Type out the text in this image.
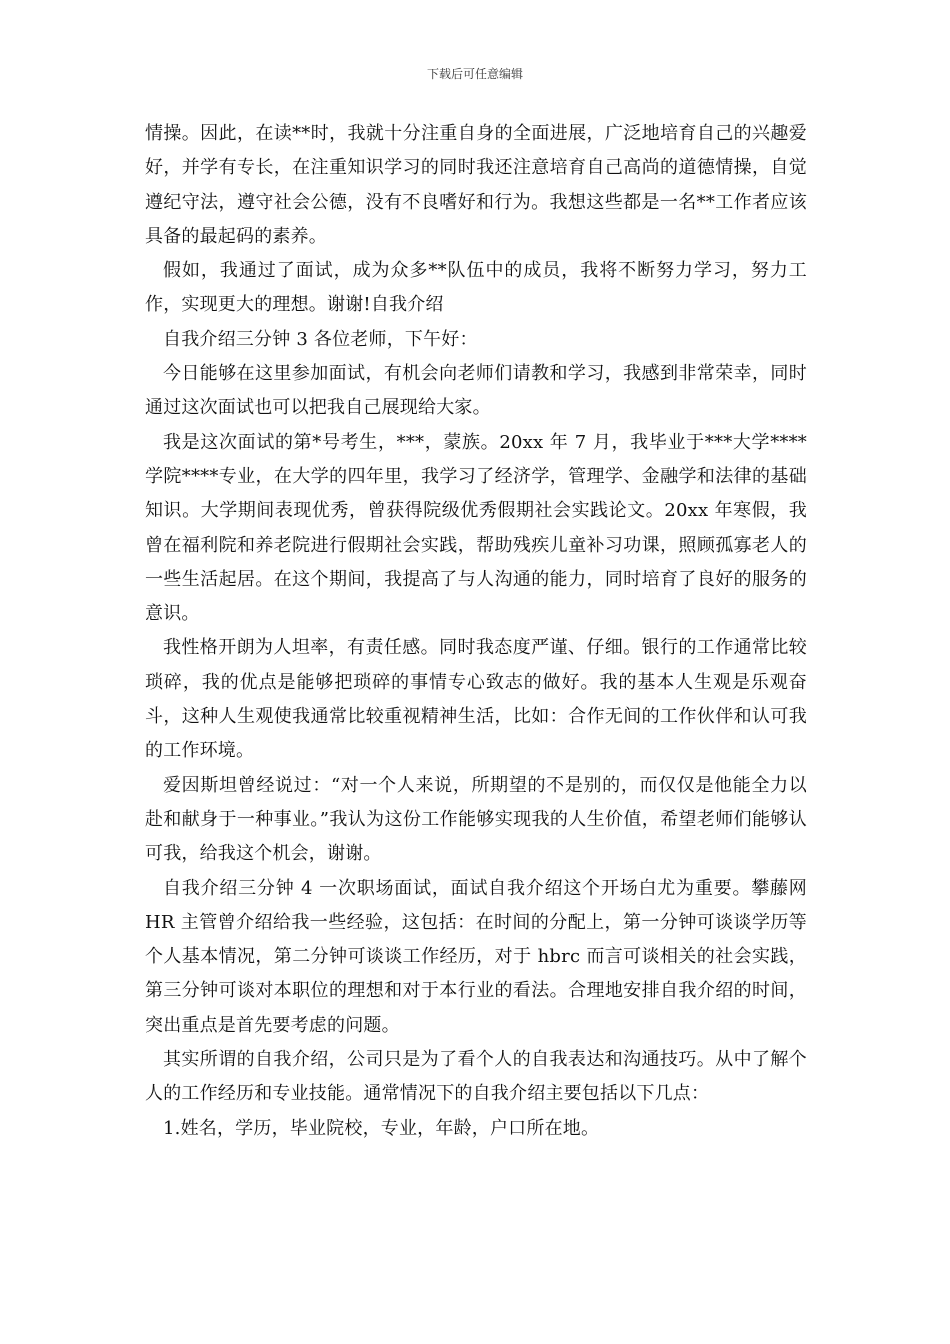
下载后可任意编辑

情操。因此，在读**时，我就十分注重自身的全面进展，广泛地培育自己的兴趣爱好，并学有专长，在注重知识学习的同时我还注意培育自己高尚的道德情操，自觉遵纪守法，遵守社会公德，没有不良嗜好和行为。我想这些都是一名**工作者应该具备的最起码的素养。

假如，我通过了面试，成为众多**队伍中的成员，我将不断努力学习，努力工作，实现更大的理想。谢谢!自我介绍

自我介绍三分钟 3 各位老师，下午好：

今日能够在这里参加面试，有机会向老师们请教和学习，我感到非常荣幸，同时通过这次面试也可以把我自己展现给大家。

我是这次面试的第*号考生，***，蒙族。20xx 年 7 月，我毕业于***大学****学院****专业，在大学的四年里，我学习了经济学，管理学、金融学和法律的基础知识。大学期间表现优秀，曾获得院级优秀假期社会实践论文。20xx 年寒假，我曾在福利院和养老院进行假期社会实践，帮助残疾儿童补习功课，照顾孤寡老人的一些生活起居。在这个期间，我提高了与人沟通的能力，同时培育了良好的服务的意识。

我性格开朗为人坦率，有责任感。同时我态度严谨、仔细。银行的工作通常比较琐碎，我的优点是能够把琐碎的事情专心致志的做好。我的基本人生观是乐观奋斗，这种人生观使我通常比较重视精神生活，比如：合作无间的工作伙伴和认可我的工作环境。

爱因斯坦曾经说过：“对一个人来说，所期望的不是别的，而仅仅是他能全力以赴和献身于一种事业。”我认为这份工作能够实现我的人生价值，希望老师们能够认可我，给我这个机会，谢谢。

自我介绍三分钟 4 一次职场面试，面试自我介绍这个开场白尤为重要。攀藤网 HR 主管曾介绍给我一些经验，这包括：在时间的分配上，第一分钟可谈谈学历等个人基本情况，第二分钟可谈谈工作经历，对于 hbrc 而言可谈相关的社会实践，第三分钟可谈对本职位的理想和对于本行业的看法。合理地安排自我介绍的时间，突出重点是首先要考虑的问题。

其实所谓的自我介绍，公司只是为了看个人的自我表达和沟通技巧。从中了解个人的工作经历和专业技能。通常情况下的自我介绍主要包括以下几点：

1.姓名，学历，毕业院校，专业，年龄，户口所在地。
